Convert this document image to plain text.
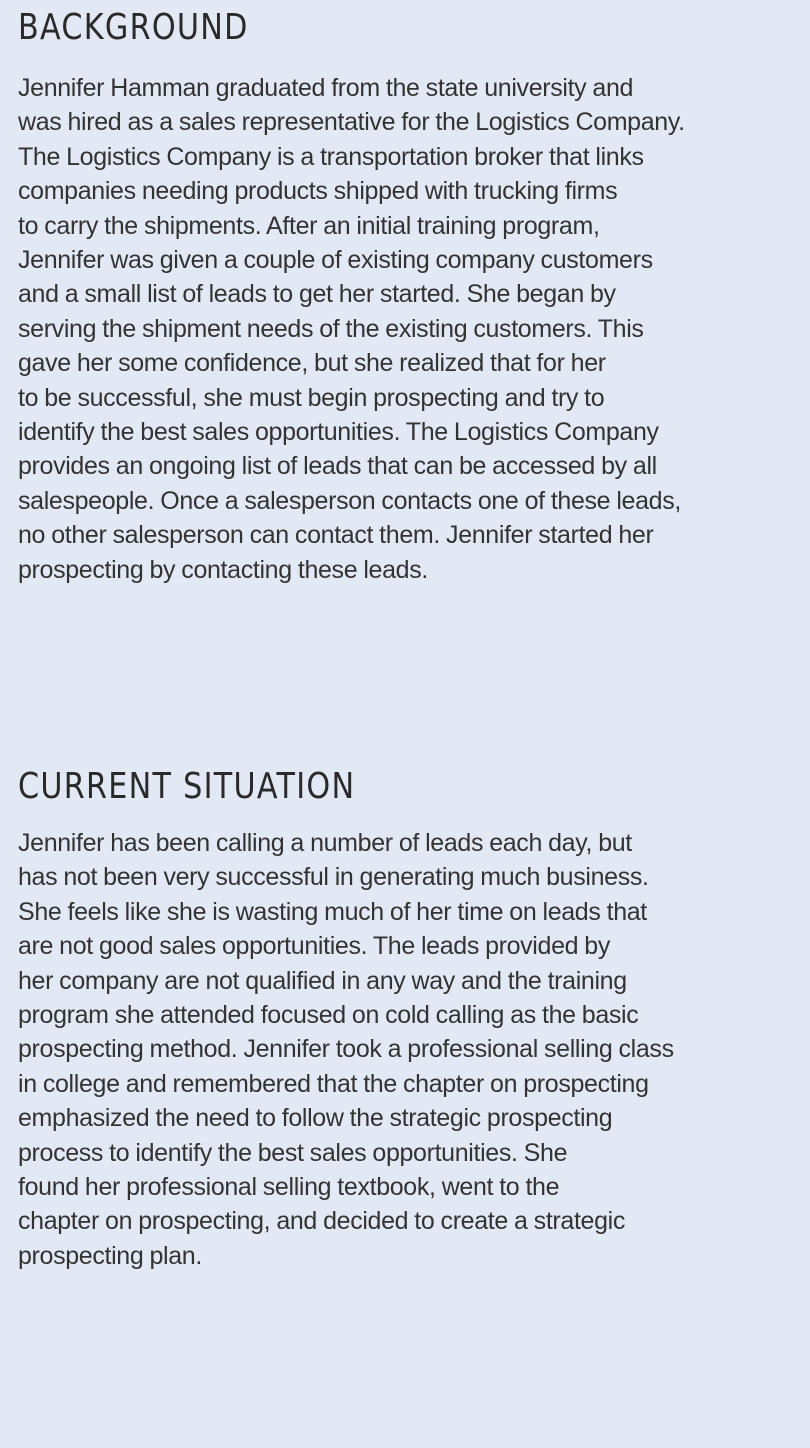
BACKGROUND
Jennifer Hamman graduated from the state university and
was hired as a sales representative for the Logistics Company.
The Logistics Company is a transportation broker that links
companies needing products shipped with trucking firms
to carry the shipments. After an initial training program,
Jennifer was given a couple of existing company customers
and a small list of leads to get her started. She began by
serving the shipment needs of the existing customers. This
gave her some confidence, but she realized that for her
to be successful, she must begin prospecting and try to
identify the best sales opportunities. The Logistics Company
provides an ongoing list of leads that can be accessed by all
salespeople. Once a salesperson contacts one of these leads,
no other salesperson can contact them. Jennifer started her
prospecting by contacting these leads.
CURRENT SITUATION
Jennifer has been calling a number of leads each day, but
has not been very successful in generating much business.
She feels like she is wasting much of her time on leads that
are not good sales opportunities. The leads provided by
her company are not qualified in any way and the training
program she attended focused on cold calling as the basic
prospecting method. Jennifer took a professional selling class
in college and remembered that the chapter on prospecting
emphasized the need to follow the strategic prospecting
process to identify the best sales opportunities. She
found her professional selling textbook, went to the
chapter on prospecting, and decided to create a strategic
prospecting plan.
